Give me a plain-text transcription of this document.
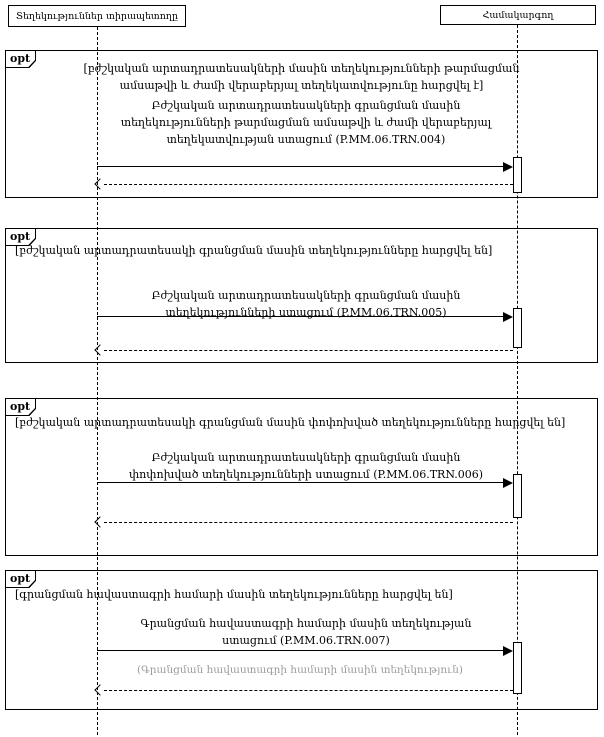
Տեղեկություններ տիրապետողը	Համակարգող
opt
[բժշկական արտադրատեսակների մասին տեղեկությունների թարմացման
ամսաթվի և ժամի վերաբերյալ տեղեկատվությունը հարցվել է]
Բժշկական արտադրատեսակների գրանցման մասին
տեղեկությունների թարմացման ամսաթվի և ժամի վերաբերյալ
տեղեկատվության ստացում (P.MM.06.TRN.004)
opt
[բժշկական արտադրատեսակի գրանցման մասին տեղեկությունները հարցվել են]
Բժշկական արտադրատեսակների գրանցման մասին
տեղեկությունների ստացում (P.MM.06.TRN.005)
opt
[բժշկական արտադրատեսակի գրանցման մասին փոփոխված տեղեկությունները հարցվել են]
Բժշկական արտադրատեսակների գրանցման մասին
փոփոխված տեղեկությունների ստացում (P.MM.06.TRN.006)
opt
[գրանցման հավաստագրի համարի մասին տեղեկությունները հարցվել են]
Գրանցման հավաստագրի համարի մասին տեղեկության
ստացում (P.MM.06.TRN.007)
(Գրանցման հավաստագրի համարի մասին տեղեկություն)
